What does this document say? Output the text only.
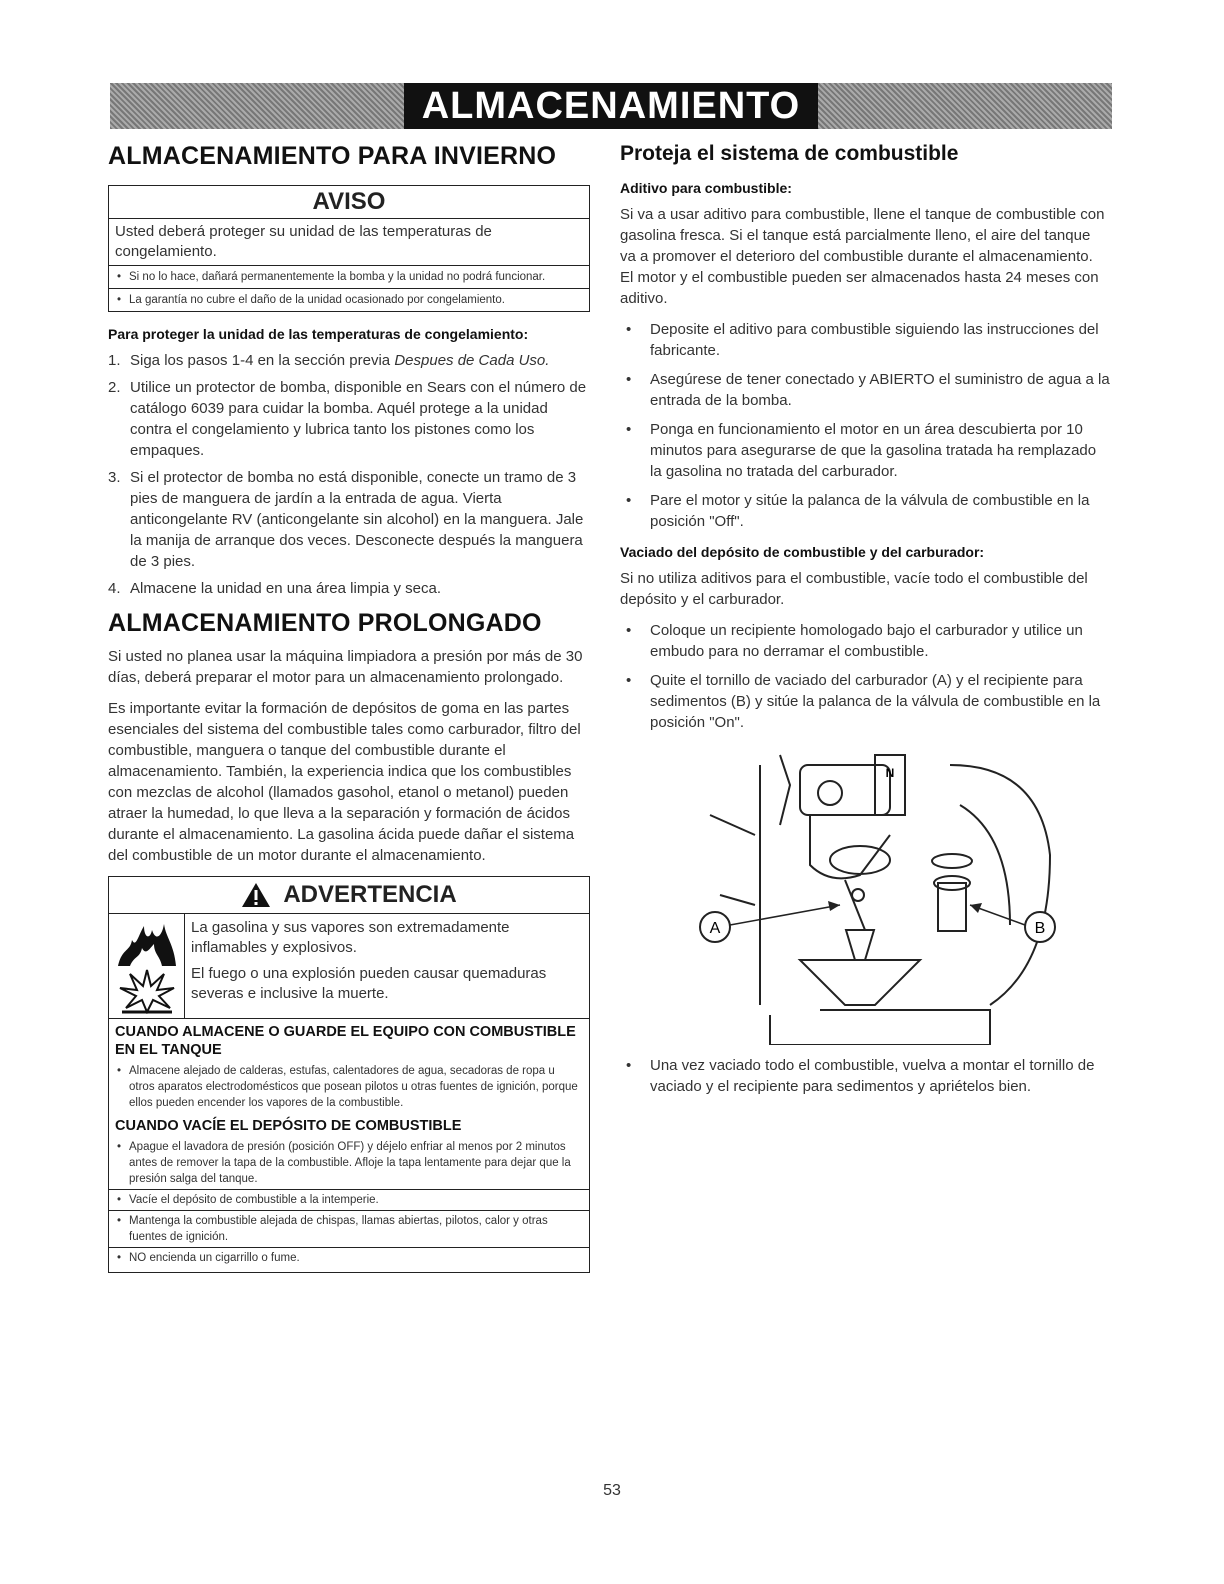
ALMACENAMIENTO
ALMACENAMIENTO PARA INVIERNO
AVISO
Usted deberá proteger su unidad de las temperaturas de congelamiento.
• Si no lo hace, dañará permanentemente la bomba y la unidad no podrá funcionar.
• La garantía no cubre el daño de la unidad ocasionado por congelamiento.
Para proteger la unidad de las temperaturas de congelamiento:
1. Siga los pasos 1-4 en la sección previa Despues de Cada Uso.
2. Utilice un protector de bomba, disponible en Sears con el número de catálogo 6039 para cuidar la bomba. Aquél protege a la unidad contra el congelamiento y lubrica tanto los pistones como los empaques.
3. Si el protector de bomba no está disponible, conecte un tramo de 3 pies de manguera de jardín a la entrada de agua. Vierta anticongelante RV (anticongelante sin alcohol) en la manguera. Jale la manija de arranque dos veces. Desconecte después la manguera de 3 pies.
4. Almacene la unidad en una área limpia y seca.
ALMACENAMIENTO PROLONGADO

Si usted no planea usar la máquina limpiadora a presión por más de 30 días, deberá preparar el motor para un almacenamiento prolongado.

Es importante evitar la formación de depósitos de goma en las partes esenciales del sistema del combustible tales como carburador, filtro del combustible, manguera o tanque del combustible durante el almacenamiento. También, la experiencia indica que los combustibles con mezclas de alcohol (llamados gasohol, etanol o metanol) pueden atraer la humedad, lo que lleva a la separación y formación de ácidos durante el almacenamiento. La gasolina ácida puede dañar el sistema del combustible de un motor durante el almacenamiento.

ADVERTENCIA

La gasolina y sus vapores son extremadamente inflamables y explosivos.

El fuego o una explosión pueden causar quemaduras severas e inclusive la muerte.

CUANDO ALMACENE O GUARDE EL EQUIPO CON COMBUSTIBLE EN EL TANQUE
• Almacene alejado de calderas, estufas, calentadores de agua, secadoras de ropa u otros aparatos electrodomésticos que posean pilotos u otras fuentes de ignición, porque ellos pueden encender los vapores de la combustible.
CUANDO VACÍE EL DEPÓSITO DE COMBUSTIBLE
• Apague el lavadora de presión (posición OFF) y déjelo enfriar al menos por 2 minutos antes de remover la tapa de la combustible. Afloje la tapa lentamente para dejar que la presión salga del tanque.
• Vacíe el depósito de combustible a la intemperie.
• Mantenga la combustible alejada de chispas, llamas abiertas, pilotos, calor y otras fuentes de ignición.
• NO encienda un cigarrillo o fume.
Proteja el sistema de combustible
Aditivo para combustible:

Si va a usar aditivo para combustible, llene el tanque de combustible con gasolina fresca. Si el tanque está parcialmente lleno, el aire del tanque va a promover el deterioro del combustible durante el almacenamiento. El motor y el combustible pueden ser almacenados hasta 24 meses con aditivo.

• Deposite el aditivo para combustible siguiendo las instrucciones del fabricante.
• Asegúrese de tener conectado y ABIERTO el suministro de agua a la entrada de la bomba.
• Ponga en funcionamiento el motor en un área descubierta por 10 minutos para asegurarse de que la gasolina tratada ha remplazado la gasolina no tratada del carburador.
• Pare el motor y sitúe la palanca de la válvula de combustible en la posición "Off".
Vaciado del depósito de combustible y del carburador:

Si no utiliza aditivos para el combustible, vacíe todo el combustible del depósito y el carburador.

• Coloque un recipiente homologado bajo el carburador y utilice un embudo para no derramar el combustible.
• Quite el tornillo de vaciado del carburador (A) y el recipiente para sedimentos (B) y sitúe la palanca de la válvula de combustible en la posición "On".
A	B
N
• Una vez vaciado todo el combustible, vuelva a montar el tornillo de vaciado y el recipiente para sedimentos y apriételos bien.
53
